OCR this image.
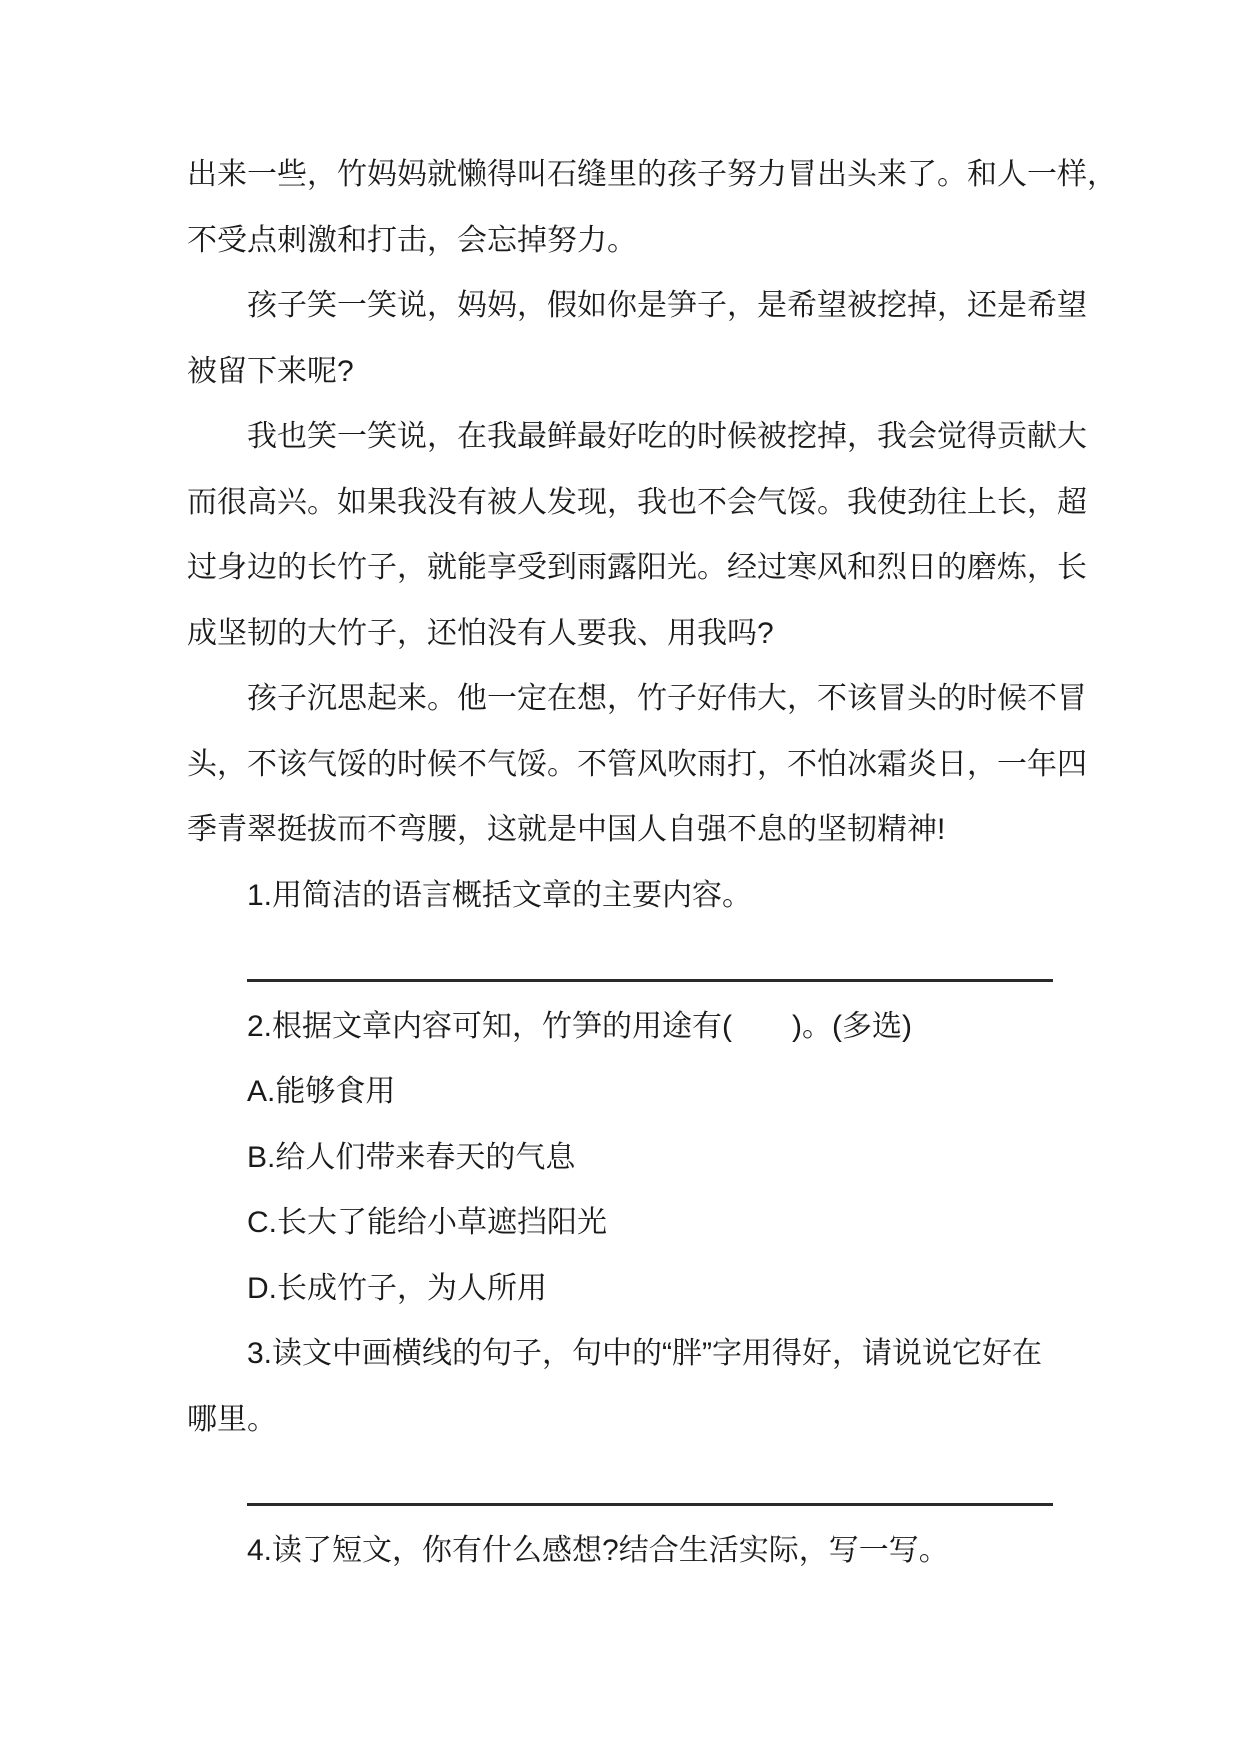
出来一些，竹妈妈就懒得叫石缝里的孩子努力冒出头来了。和人一样，
不受点刺激和打击，会忘掉努力。
孩子笑一笑说，妈妈，假如你是笋子，是希望被挖掉，还是希望
被留下来呢?
我也笑一笑说，在我最鲜最好吃的时候被挖掉，我会觉得贡献大
而很高兴。如果我没有被人发现，我也不会气馁。我使劲往上长，超
过身边的长竹子，就能享受到雨露阳光。经过寒风和烈日的磨炼，长
成坚韧的大竹子，还怕没有人要我、用我吗?
孩子沉思起来。他一定在想，竹子好伟大，不该冒头的时候不冒
头，不该气馁的时候不气馁。不管风吹雨打，不怕冰霜炎日，一年四
季青翠挺拔而不弯腰，这就是中国人自强不息的坚韧精神!
1.用简洁的语言概括文章的主要内容。
2.根据文章内容可知，竹笋的用途有(　　)。(多选)
A.能够食用
B.给人们带来春天的气息
C.长大了能给小草遮挡阳光
D.长成竹子，为人所用
3.读文中画横线的句子，句中的“胖”字用得好，请说说它好在
哪里。
4.读了短文，你有什么感想?结合生活实际，写一写。
